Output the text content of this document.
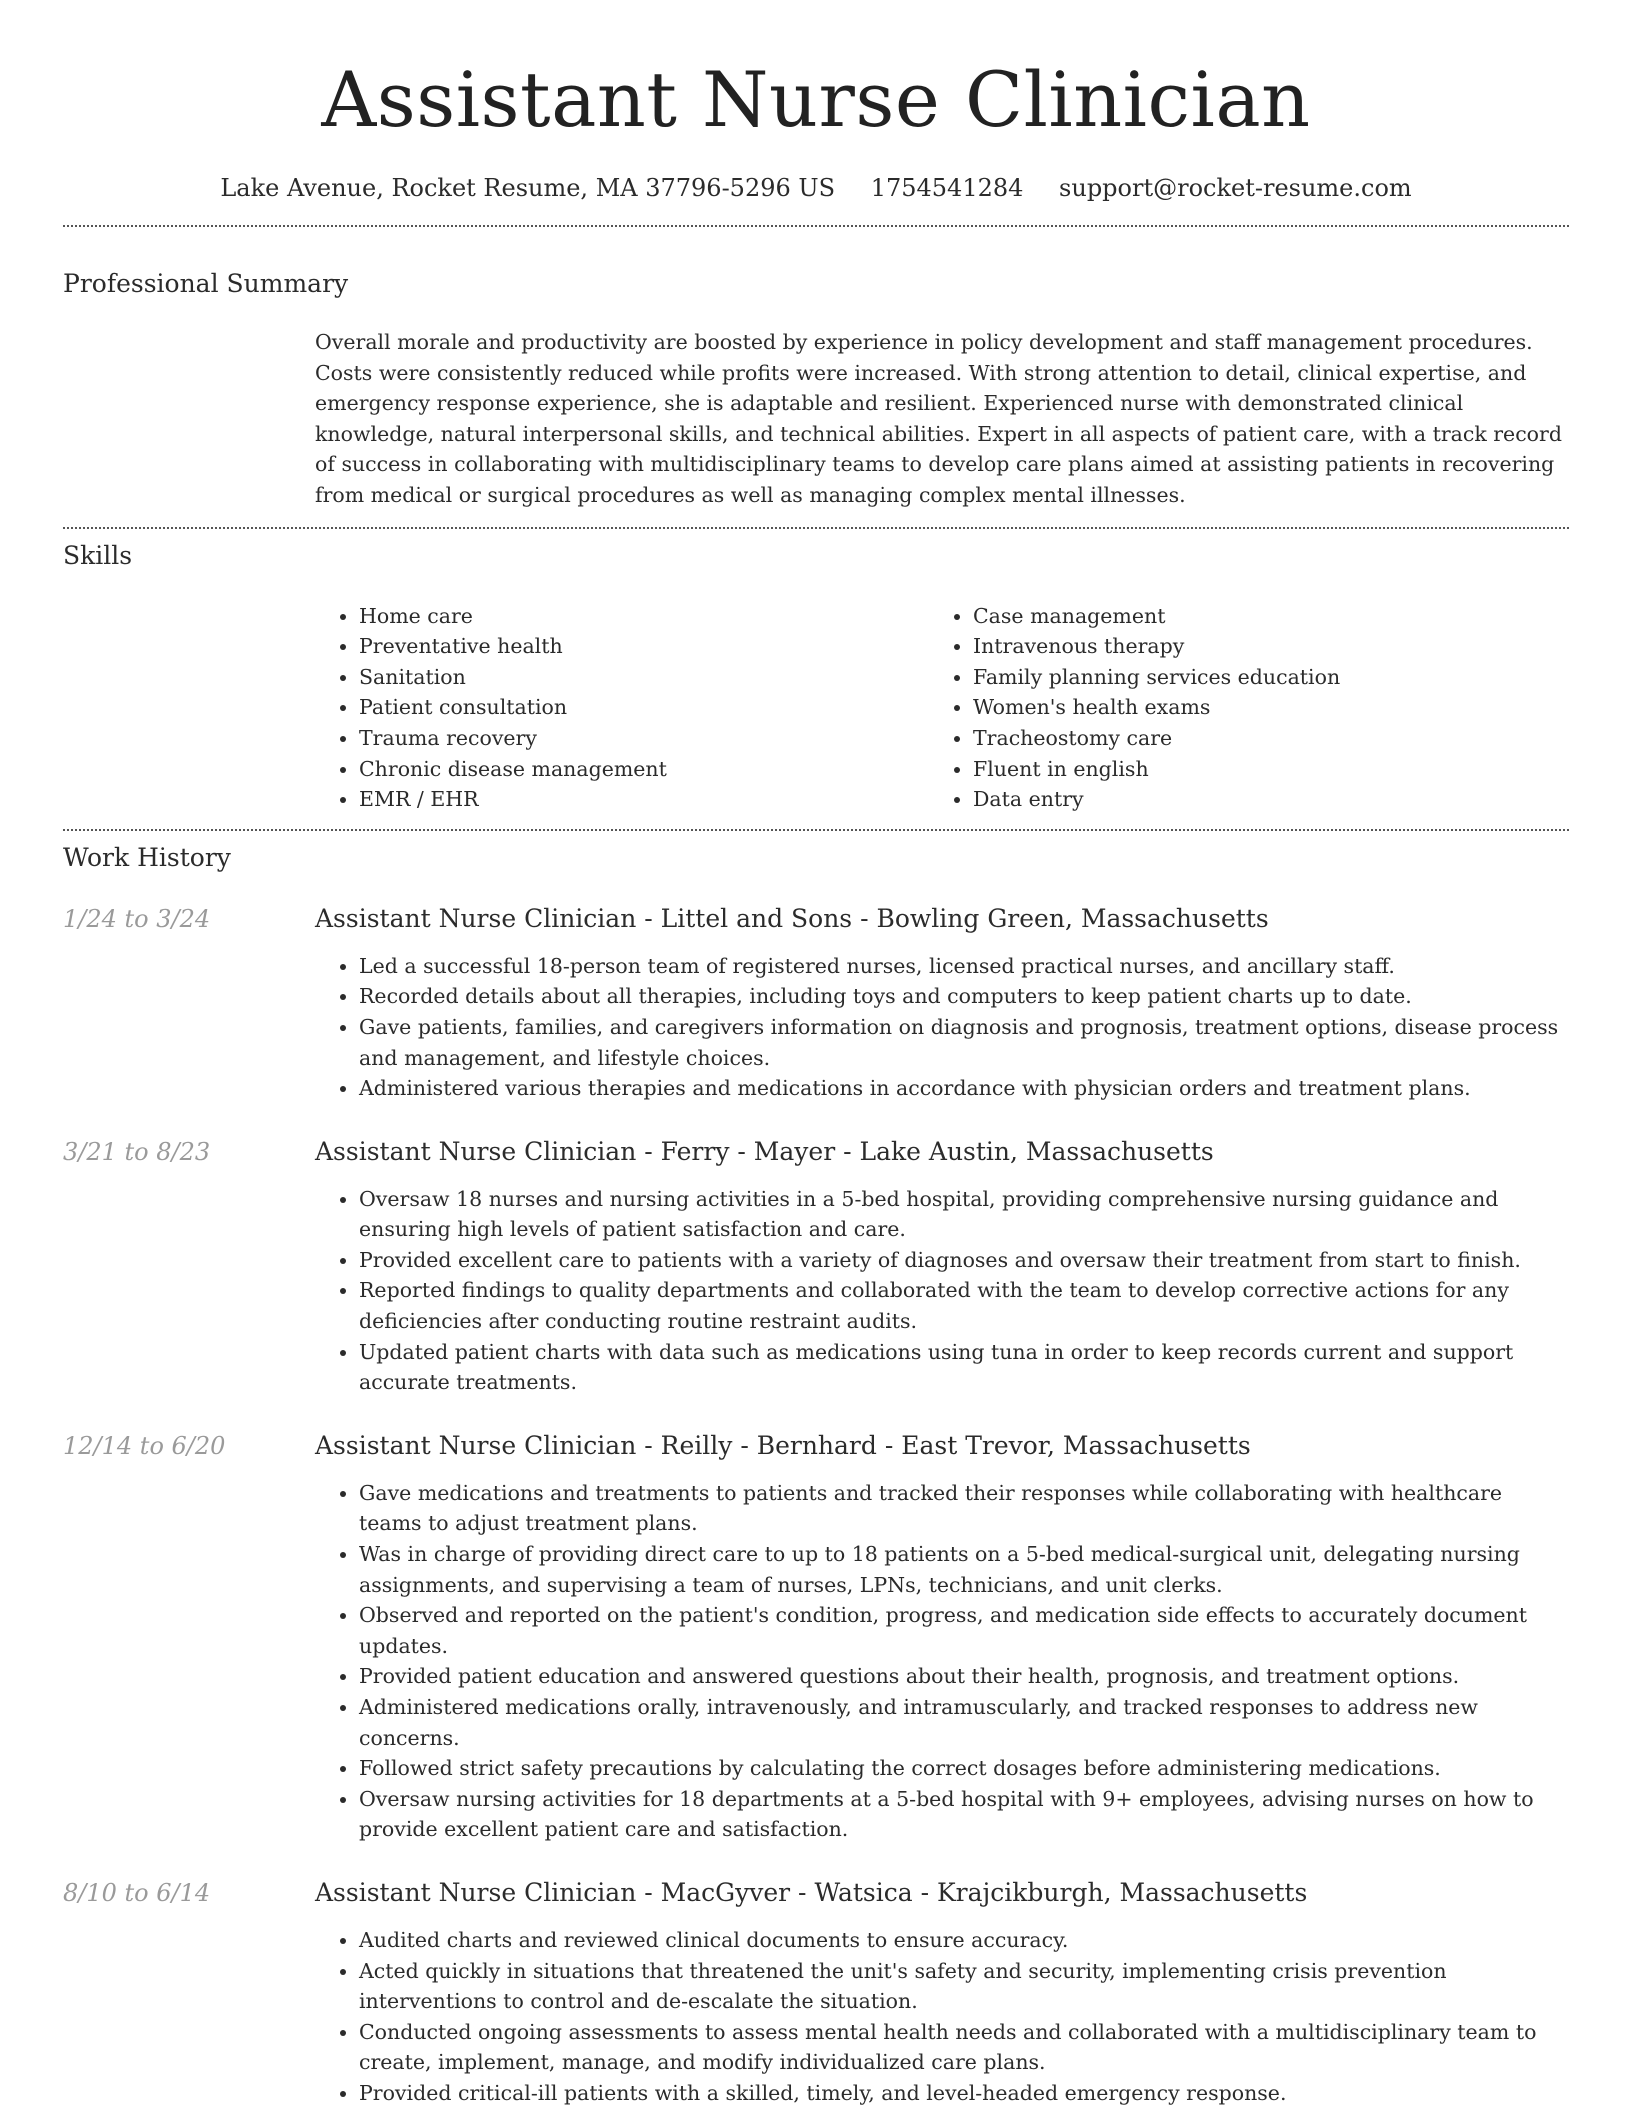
Assistant Nurse Clinician
Lake Avenue, Rocket Resume, MA 37796-5296 US 1754541284 support@rocket-resume.com
Professional Summary
Overall morale and productivity are boosted by experience in policy development and staff management procedures. Costs were consistently reduced while profits were increased. With strong attention to detail, clinical expertise, and emergency response experience, she is adaptable and resilient. Experienced nurse with demonstrated clinical knowledge, natural interpersonal skills, and technical abilities. Expert in all aspects of patient care, with a track record of success in collaborating with multidisciplinary teams to develop care plans aimed at assisting patients in recovering from medical or surgical procedures as well as managing complex mental illnesses.
Skills
• Home care
• Preventative health
• Sanitation
• Patient consultation
• Trauma recovery
• Chronic disease management
• EMR / EHR
• Case management
• Intravenous therapy
• Family planning services education
• Women's health exams
• Tracheostomy care
• Fluent in english
• Data entry
Work History
1/24 to 3/24	Assistant Nurse Clinician - Littel and Sons - Bowling Green, Massachusetts
• Led a successful 18-person team of registered nurses, licensed practical nurses, and ancillary staff.
• Recorded details about all therapies, including toys and computers to keep patient charts up to date.
• Gave patients, families, and caregivers information on diagnosis and prognosis, treatment options, disease process and management, and lifestyle choices.
• Administered various therapies and medications in accordance with physician orders and treatment plans.
3/21 to 8/23	Assistant Nurse Clinician - Ferry - Mayer - Lake Austin, Massachusetts
• Oversaw 18 nurses and nursing activities in a 5-bed hospital, providing comprehensive nursing guidance and ensuring high levels of patient satisfaction and care.
• Provided excellent care to patients with a variety of diagnoses and oversaw their treatment from start to finish.
• Reported findings to quality departments and collaborated with the team to develop corrective actions for any deficiencies after conducting routine restraint audits.
• Updated patient charts with data such as medications using tuna in order to keep records current and support accurate treatments.
12/14 to 6/20	Assistant Nurse Clinician - Reilly - Bernhard - East Trevor, Massachusetts
• Gave medications and treatments to patients and tracked their responses while collaborating with healthcare teams to adjust treatment plans.
• Was in charge of providing direct care to up to 18 patients on a 5-bed medical-surgical unit, delegating nursing assignments, and supervising a team of nurses, LPNs, technicians, and unit clerks.
• Observed and reported on the patient's condition, progress, and medication side effects to accurately document updates.
• Provided patient education and answered questions about their health, prognosis, and treatment options.
• Administered medications orally, intravenously, and intramuscularly, and tracked responses to address new concerns.
• Followed strict safety precautions by calculating the correct dosages before administering medications.
• Oversaw nursing activities for 18 departments at a 5-bed hospital with 9+ employees, advising nurses on how to provide excellent patient care and satisfaction.
8/10 to 6/14	Assistant Nurse Clinician - MacGyver - Watsica - Krajcikburgh, Massachusetts
• Audited charts and reviewed clinical documents to ensure accuracy.
• Acted quickly in situations that threatened the unit's safety and security, implementing crisis prevention interventions to control and de-escalate the situation.
• Conducted ongoing assessments to assess mental health needs and collaborated with a multidisciplinary team to create, implement, manage, and modify individualized care plans.
• Provided critical-ill patients with a skilled, timely, and level-headed emergency response.
